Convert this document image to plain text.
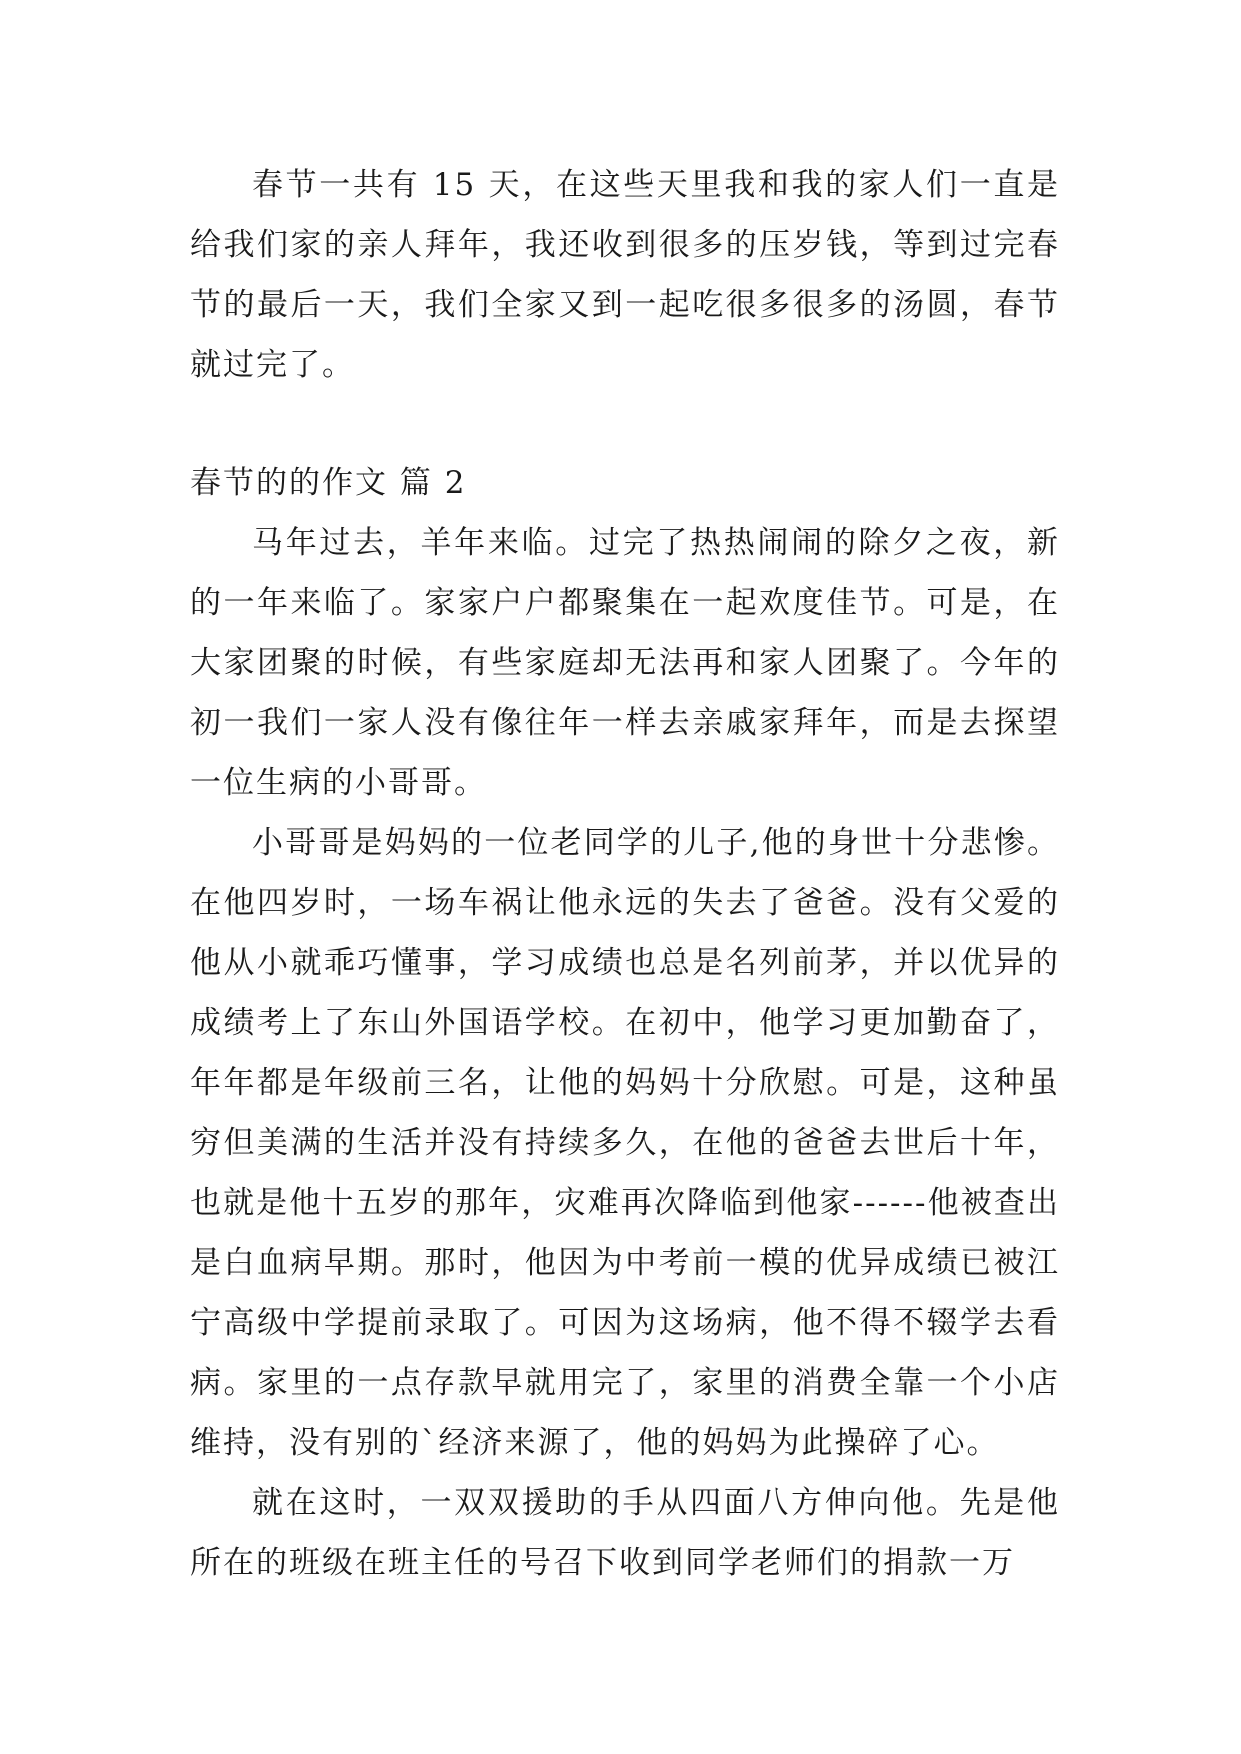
春节一共有 15 天，在这些天里我和我的家人们一直是给我们家的亲人拜年，我还收到很多的压岁钱，等到过完春节的最后一天，我们全家又到一起吃很多很多的汤圆，春节就过完了。

春节的的作文 篇 2

马年过去，羊年来临。过完了热热闹闹的除夕之夜，新的一年来临了。家家户户都聚集在一起欢度佳节。可是，在大家团聚的时候，有些家庭却无法再和家人团聚了。今年的初一我们一家人没有像往年一样去亲戚家拜年，而是去探望一位生病的小哥哥。

小哥哥是妈妈的一位老同学的儿子,他的身世十分悲惨。在他四岁时，一场车祸让他永远的失去了爸爸。没有父爱的他从小就乖巧懂事，学习成绩也总是名列前茅，并以优异的成绩考上了东山外国语学校。在初中，他学习更加勤奋了，年年都是年级前三名，让他的妈妈十分欣慰。可是，这种虽穷但美满的生活并没有持续多久，在他的爸爸去世后十年，也就是他十五岁的那年，灾难再次降临到他家------他被查出是白血病早期。那时，他因为中考前一模的优异成绩已被江宁高级中学提前录取了。可因为这场病，他不得不辍学去看病。家里的一点存款早就用完了，家里的消费全靠一个小店维持，没有别的`经济来源了，他的妈妈为此操碎了心。

就在这时，一双双援助的手从四面八方伸向他。先是他所在的班级在班主任的号召下收到同学老师们的捐款一万
